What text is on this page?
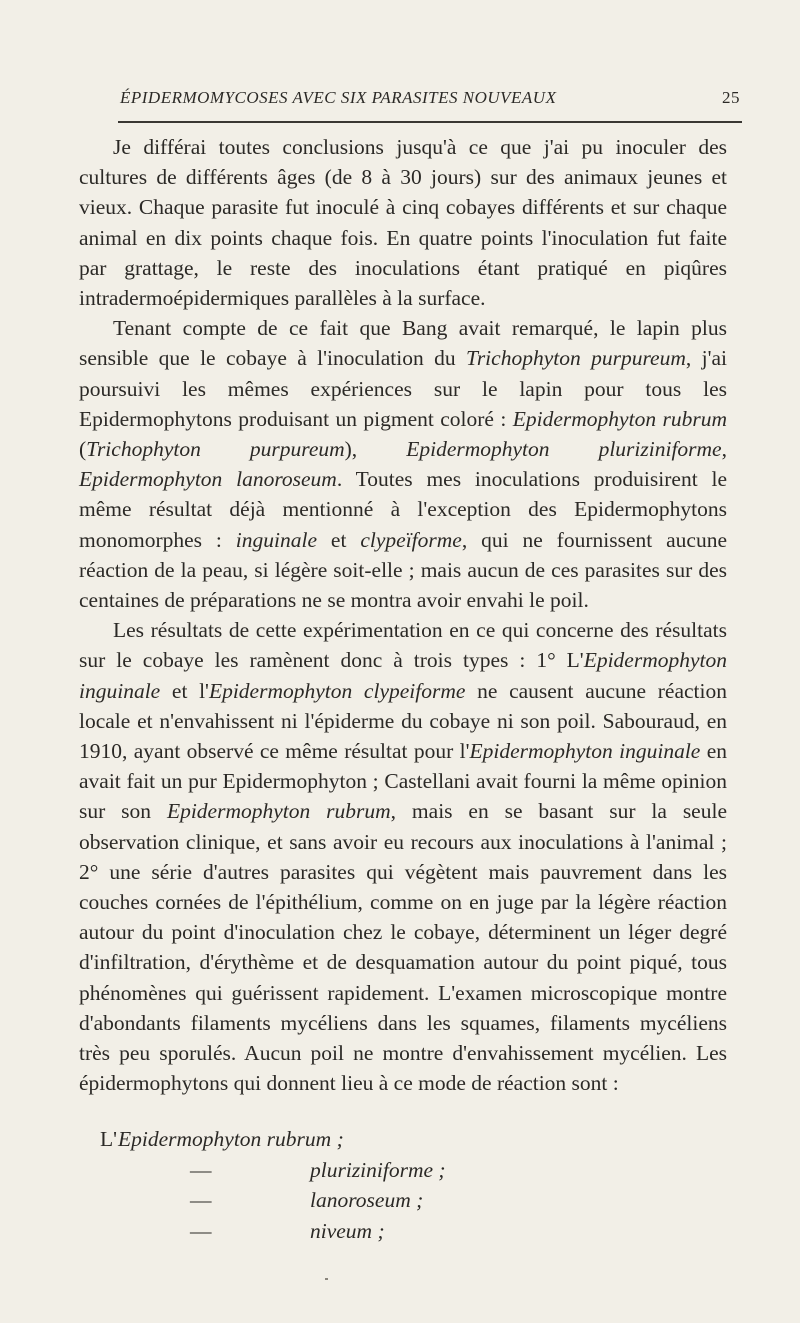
ÉPIDERMOMYCOSES AVEC SIX PARASITES NOUVEAUX	25

Je différai toutes conclusions jusqu'à ce que j'ai pu inoculer des cultures de différents âges (de 8 à 30 jours) sur des animaux jeunes et vieux. Chaque parasite fut inoculé à cinq cobayes différents et sur chaque animal en dix points chaque fois. En quatre points l'inoculation fut faite par grattage, le reste des inoculations étant pratiqué en piqûres intradermoépidermiques parallèles à la surface.

Tenant compte de ce fait que Bang avait remarqué, le lapin plus sensible que le cobaye à l'inoculation du Trichophyton purpureum, j'ai poursuivi les mêmes expériences sur le lapin pour tous les Epidermophytons produisant un pigment coloré : Epidermophyton rubrum (Trichophyton purpureum), Epidermophyton pluriziniforme, Epidermophyton lanoroseum. Toutes mes inoculations produisirent le même résultat déjà mentionné à l'exception des Epidermophytons monomorphes : inguinale et clypeïforme, qui ne fournissent aucune réaction de la peau, si légère soit-elle ; mais aucun de ces parasites sur des centaines de préparations ne se montra avoir envahi le poil.

Les résultats de cette expérimentation en ce qui concerne des résultats sur le cobaye les ramènent donc à trois types : 1° L'Epidermophyton inguinale et l'Epidermophyton clypeiforme ne causent aucune réaction locale et n'envahissent ni l'épiderme du cobaye ni son poil. Sabouraud, en 1910, ayant observé ce même résultat pour l'Epidermophyton inguinale en avait fait un pur Epidermophyton ; Castellani avait fourni la même opinion sur son Epidermophyton rubrum, mais en se basant sur la seule observation clinique, et sans avoir eu recours aux inoculations à l'animal ; 2° une série d'autres parasites qui végètent mais pauvrement dans les couches cornées de l'épithélium, comme on en juge par la légère réaction autour du point d'inoculation chez le cobaye, déterminent un léger degré d'infiltration, d'érythème et de desquamation autour du point piqué, tous phénomènes qui guérissent rapidement. L'examen microscopique montre d'abondants filaments mycéliens dans les squames, filaments mycéliens très peu sporulés. Aucun poil ne montre d'envahissement mycélien. Les épidermophytons qui donnent lieu à ce mode de réaction sont :

L' Epidermophyton rubrum ;
—	pluriziniforme ;
—	lanoroseum ;
—	niveum ;
